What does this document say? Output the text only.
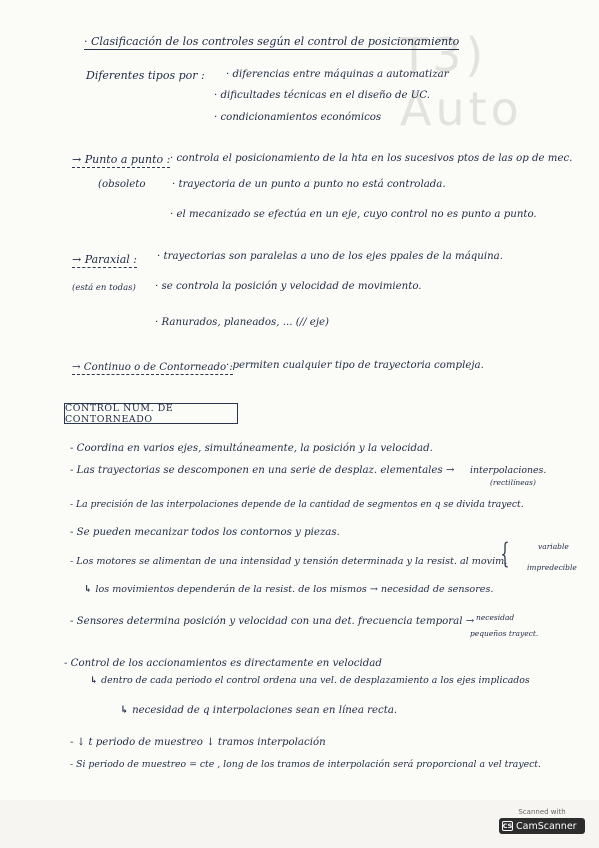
T3) Auto
· Clasificación de los controles según el control de posicionamiento
Diferentes tipos por : · diferencias entre máquinas a automatizar
· dificultades técnicas en el diseño de UC.
· condicionamientos económicos
→ Punto a punto : · controla el posicionamiento de la hta en los sucesivos ptos de las op de mec.
(obsoleto	· trayectoria de un punto a punto no está controlada.
· el mecanizado se efectúa en un eje, cuyo control no es punto a punto.
→ Paraxial : · trayectorias son paralelas a uno de los ejes ppales de la máquina.
(está en todas) · se controla la posición y velocidad de movimiento.
· Ranurados, planeados, ... (// eje)
→ Continuo o de Contorneado :
· permiten cualquier tipo de trayectoria compleja.
CONTROL NUM. DE CONTORNEADO
- Coordina en varios ejes, simultáneamente, la posición y la velocidad.
- Las trayectorias se descomponen en una serie de desplaz. elementales → interpolaciones.
(rectilíneas)
- La precisión de las interpolaciones depende de la cantidad de segmentos en q se divida trayect.
- Se pueden mecanizar todos los contornos y piezas.
- Los motores se alimentan de una intensidad y tensión determinada y la resist. al movim.
{	variable
impredecible
↳ los movimientos dependerán de la resist. de los mismos → necesidad de sensores.
- Sensores determina posición y velocidad con una det. frecuencia temporal → necesidad
pequeños trayect.
- Control de los accionamientos es directamente en velocidad
↳ dentro de cada periodo el control ordena una vel. de desplazamiento a los ejes implicados
↳ necesidad de q interpolaciones sean en línea recta.
- ↓ t periodo de muestreo ↓ tramos interpolación
- Si periodo de muestreo = cte , long de los tramos de interpolación será proporcional a vel trayect.
Scanned with
CS CamScanner
